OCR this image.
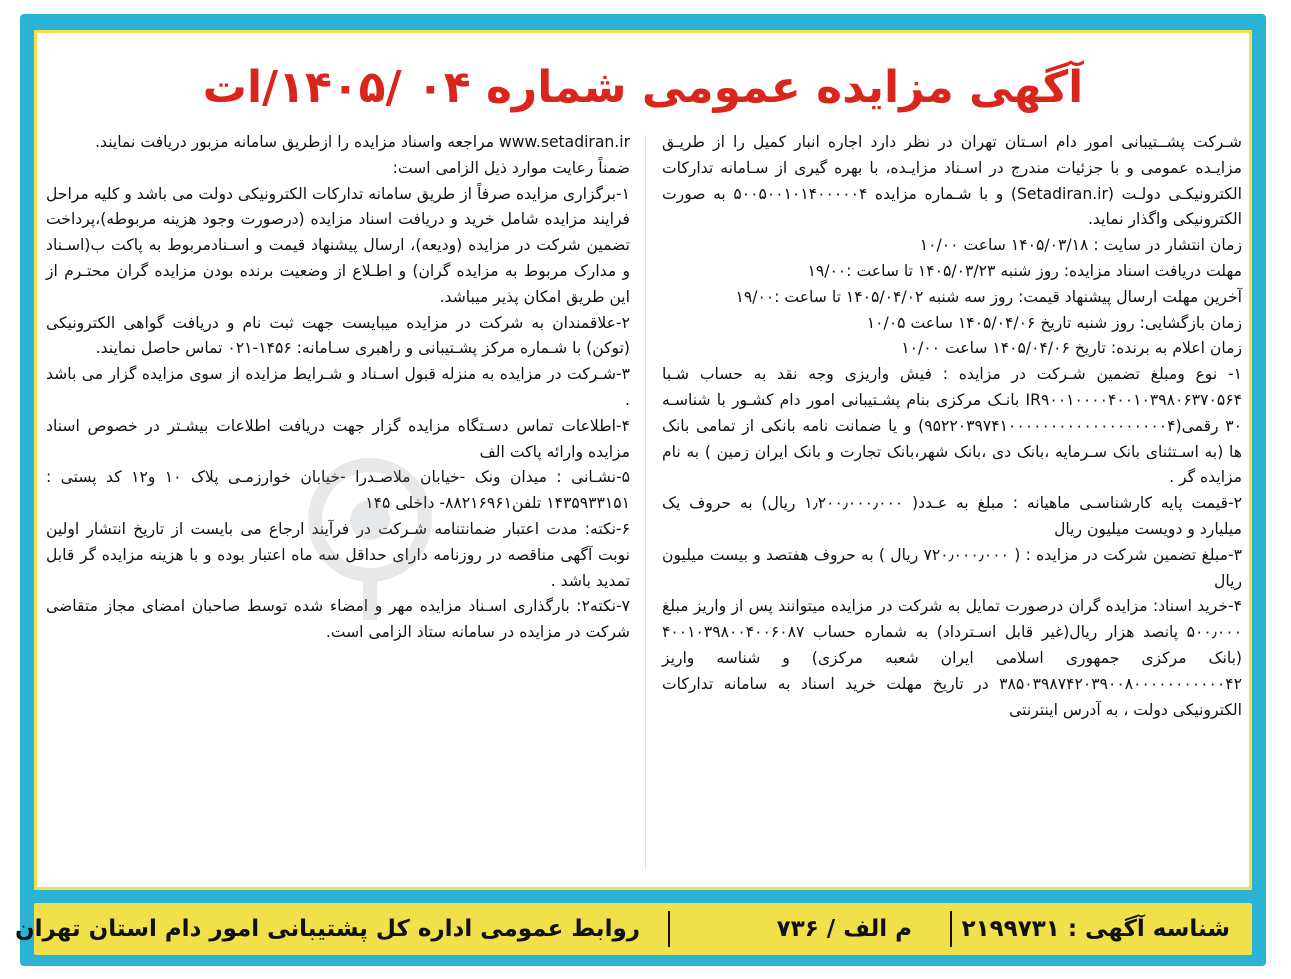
آگهی مزایده عمومی شماره ۰۴ /۱۴۰۵/ات

شـرکت پشــتیبانی امور دام اسـتان تهران در نظر دارد اجاره انبار کمیل را از طریـق مزایـده عمومی و با جزئیات مندرج در اسـناد مزایـده، با بهره گیری از سـامانه تدارکات الکترونیکـی دولـت (Setadiran.ir) و با شـماره مزایده ۵۰۰۵۰۰۱۰۱۴۰۰۰۰۰۴ به صورت الکترونیکی واگذار نماید.

زمان انتشار در سایت : ۱۴۰۵/۰۳/۱۸ ساعت ۱۰/۰۰

مهلت دریافت اسناد مزایده: روز شنبه ۱۴۰۵/۰۳/۲۳ تا ساعت :۱۹/۰۰

آخرین مهلت ارسال پیشنهاد قیمت: روز سه شنبه ۱۴۰۵/۰۴/۰۲ تا ساعت :۱۹/۰۰

زمان بازگشایی: روز شنبه تاریخ ۱۴۰۵/۰۴/۰۶ ساعت ۱۰/۰۵

زمان اعلام به برنده: تاریخ ۱۴۰۵/۰۴/۰۶ ساعت ۱۰/۰۰

۱- نوع ومبلغ تضمین شـرکت در مزایده : فیش واریزی وجه نقد به حساب شـبا IR۹۰۰۱۰۰۰۰۴۰۰۱۰۳۹۸۰۶۳۷۰۵۶۴ بانـک مرکزی بنام پشـتیبانی امور دام کشـور با شناسـه ۳۰ رقمی(۹۵۲۲۰۳۹۷۴۱۰۰۰۰۰۰۰۰۰۰۰۰۰۰۰۰۰۰۰۴) و یا ضمانت نامه بانکی از تمامی بانک ها (به اسـتثنای بانک سـرمایه ،بانک دی ،بانک شهر،بانک تجارت و بانک ایران زمین ) به نام مزایده گر .

۲-قیمت پایه کارشناسـی ماهیانه : مبلغ به عـدد( ۱٫۲۰۰٫۰۰۰٫۰۰۰ ریال) به حروف یک میلیارد و دویست میلیون ریال

۳-مبلغ تضمین شرکت در مزایده : ( ۷۲۰٫۰۰۰٫۰۰۰ ریال ) به حروف هفتصد و بیست میلیون ریال

۴-خرید اسناد: مزایده گران درصورت تمایل به شرکت در مزایده میتوانند پس از واریز مبلغ ۵۰۰٫۰۰۰ پانصد هزار ریال(غیر قابل اسـترداد) به شماره حساب ۴۰۰۱۰۳۹۸۰۰۴۰۰۶۰۸۷ (بانک مرکزی جمهوری اسلامی ایران شعبه مرکزی) و شناسه واریز ۳۸۵۰۳۹۸۷۴۲۰۳۹۰۰۸۰۰۰۰۰۰۰۰۰۰۰۴۲ در تاریخ مهلت خرید اسناد به سامانه تدارکات الکترونیکی دولت ، به آدرس اینترنتی

www.setadiran.ir مراجعه واسناد مزایده را ازطریق سامانه مزبور دریافت نمایند.

ضمناً رعایت موارد ذیل الزامی است:

۱-برگزاری مزایده صرفاً از طریق سامانه تدارکات الکترونیکی دولت می باشد و کلیه مراحل فرایند مزایده شامل خرید و دریافت اسناد مزایده (درصورت وجود هزینه مربوطه)،پرداخت تضمین شرکت در مزایده (ودیعه)، ارسال پیشنهاد قیمت و اسـنادمربوط به پاکت ب(اسـناد و مدارک مربوط به مزایده گران) و اطـلاع از وضعیت برنده بودن مزایده گران محتـرم از این طریق امکان پذیر میباشد.

۲-علاقمندان به شرکت در مزایده میبایست جهت ثبت نام و دریافت گواهی الکترونیکی (توکن) با شـماره مرکز پشـتیبانی و راهبری سـامانه: ۱۴۵۶-۰۲۱ تماس حاصل نمایند.

۳-شـرکت در مزایده به منزله قبول اسـناد و شـرایط مزایده از سوی مزایده گزار می باشد .

۴-اطلاعات تماس دسـتگاه مزایده گزار جهت دریافت اطلاعات بیشـتر در خصوص اسناد مزایده وارائه پاکت الف

۵-نشـانی : میدان ونک -خیابان ملاصـدرا -خیابان خوارزمـی پلاک ۱۰ و۱۲ کد پستی : ۱۴۳۵۹۳۳۱۵۱ تلفن۸۸۲۱۶۹۶۱- داخلی ۱۴۵

۶-نکته: مدت اعتبار ضمانتنامه شـرکت در فرآیند ارجاع می بایست از تاریخ انتشار اولین نوبت آگهی مناقصه در روزنامه دارای حداقل سه ماه اعتبار بوده و با هزینه مزایده گر قابل تمدید باشد .

۷-نکته۲: بارگذاری اسـناد مزایده مهر و امضاء شده توسط صاحبان امضای مجاز متقاضی شرکت در مزایده در سامانه ستاد الزامی است.

شناسه آگهی : ۲۱۹۹۷۳۱
م الف / ۷۳۶
روابط عمومی اداره کل پشتیبانی امور دام استان تهران
